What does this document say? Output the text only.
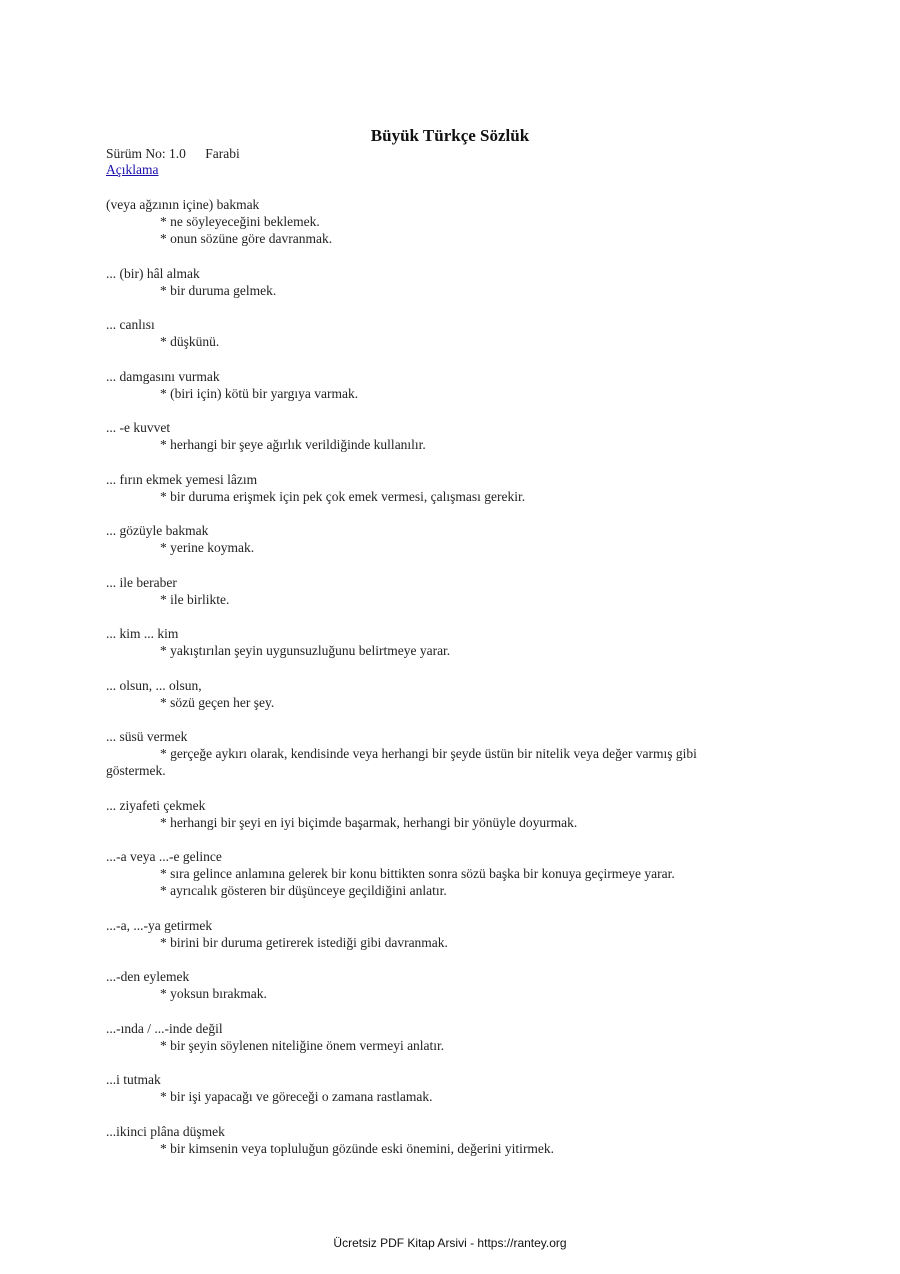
Büyük Türkçe Sözlük
Sürüm No: 1.0 Farabi
Açıklama
(veya ağzının içine) bakmak
* ne söyleyeceğini beklemek.
* onun sözüne göre davranmak.
... (bir) hâl almak
* bir duruma gelmek.
... canlısı
* düşkünü.
... damgasını vurmak
* (biri için) kötü bir yargıya varmak.
... -e kuvvet
* herhangi bir şeye ağırlık verildiğinde kullanılır.
... fırın ekmek yemesi lâzım
* bir duruma erişmek için pek çok emek vermesi, çalışması gerekir.
... gözüyle bakmak
* yerine koymak.
... ile beraber
* ile birlikte.
... kim ... kim
* yakıştırılan şeyin uygunsuzluğunu belirtmeye yarar.
... olsun, ... olsun,
* sözü geçen her şey.
... süsü vermek
* gerçeğe aykırı olarak, kendisinde veya herhangi bir şeyde üstün bir nitelik veya değer varmış gibi göstermek.
... ziyafeti çekmek
* herhangi bir şeyi en iyi biçimde başarmak, herhangi bir yönüyle doyurmak.
...-a veya ...-e gelince
* sıra gelince anlamına gelerek bir konu bittikten sonra sözü başka bir konuya geçirmeye yarar.
* ayrıcalık gösteren bir düşünceye geçildiğini anlatır.
...-a, ...-ya getirmek
* birini bir duruma getirerek istediği gibi davranmak.
...-den eylemek
* yoksun bırakmak.
...-ında / ...-inde değil
* bir şeyin söylenen niteliğine önem vermeyi anlatır.
...i tutmak
* bir işi yapacağı ve göreceği o zamana rastlamak.
...ikinci plâna düşmek
* bir kimsenin veya topluluğun gözünde eski önemini, değerini yitirmek.
Ücretsiz PDF Kitap Arsivi - https://rantey.org
